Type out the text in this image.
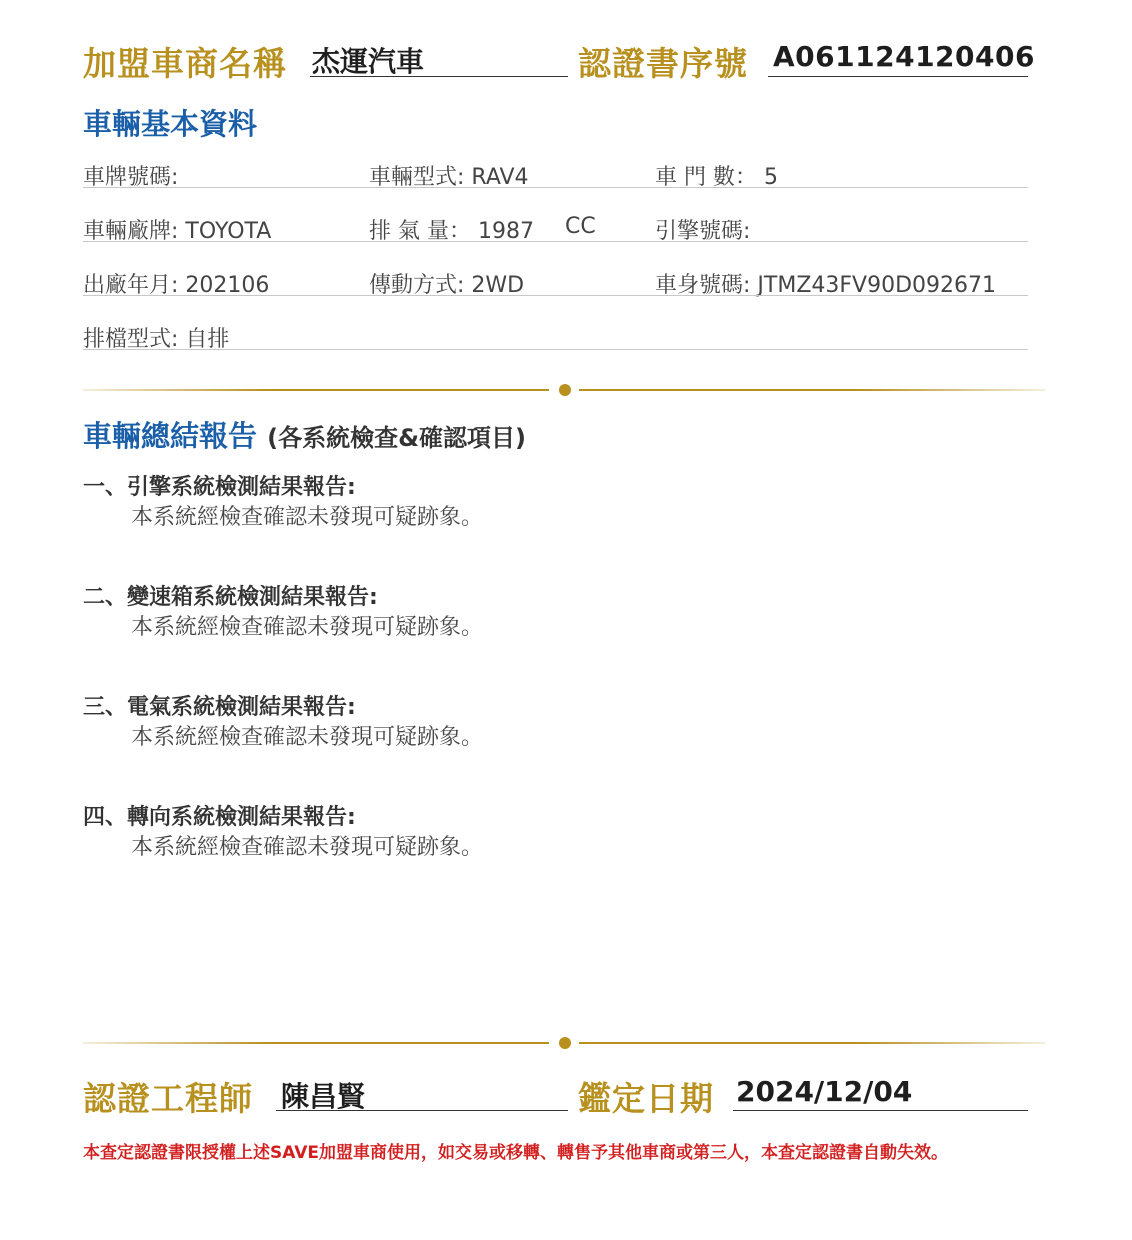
加盟車商名稱 杰運汽車	認證書序號 A061124120406
車輛基本資料
車牌號碼:	車輛型式: RAV4	車 門 數： 5
車輛廠牌: TOYOTA	排 氣 量： 1987 CC	引擎號碼:
出廠年月: 202106	傳動方式: 2WD	車身號碼: JTMZ43FV90D092671
排檔型式: 自排
車輛總結報告 (各系統檢查&確認項目)
一、引擎系統檢測結果報告:
本系統經檢查確認未發現可疑跡象。
二、變速箱系統檢測結果報告:
本系統經檢查確認未發現可疑跡象。
三、電氣系統檢測結果報告:
本系統經檢查確認未發現可疑跡象。
四、轉向系統檢測結果報告:
本系統經檢查確認未發現可疑跡象。
認證工程師 陳昌賢	鑑定日期 2024/12/04
本查定認證書限授權上述SAVE加盟車商使用，如交易或移轉、轉售予其他車商或第三人，本查定認證書自動失效。
